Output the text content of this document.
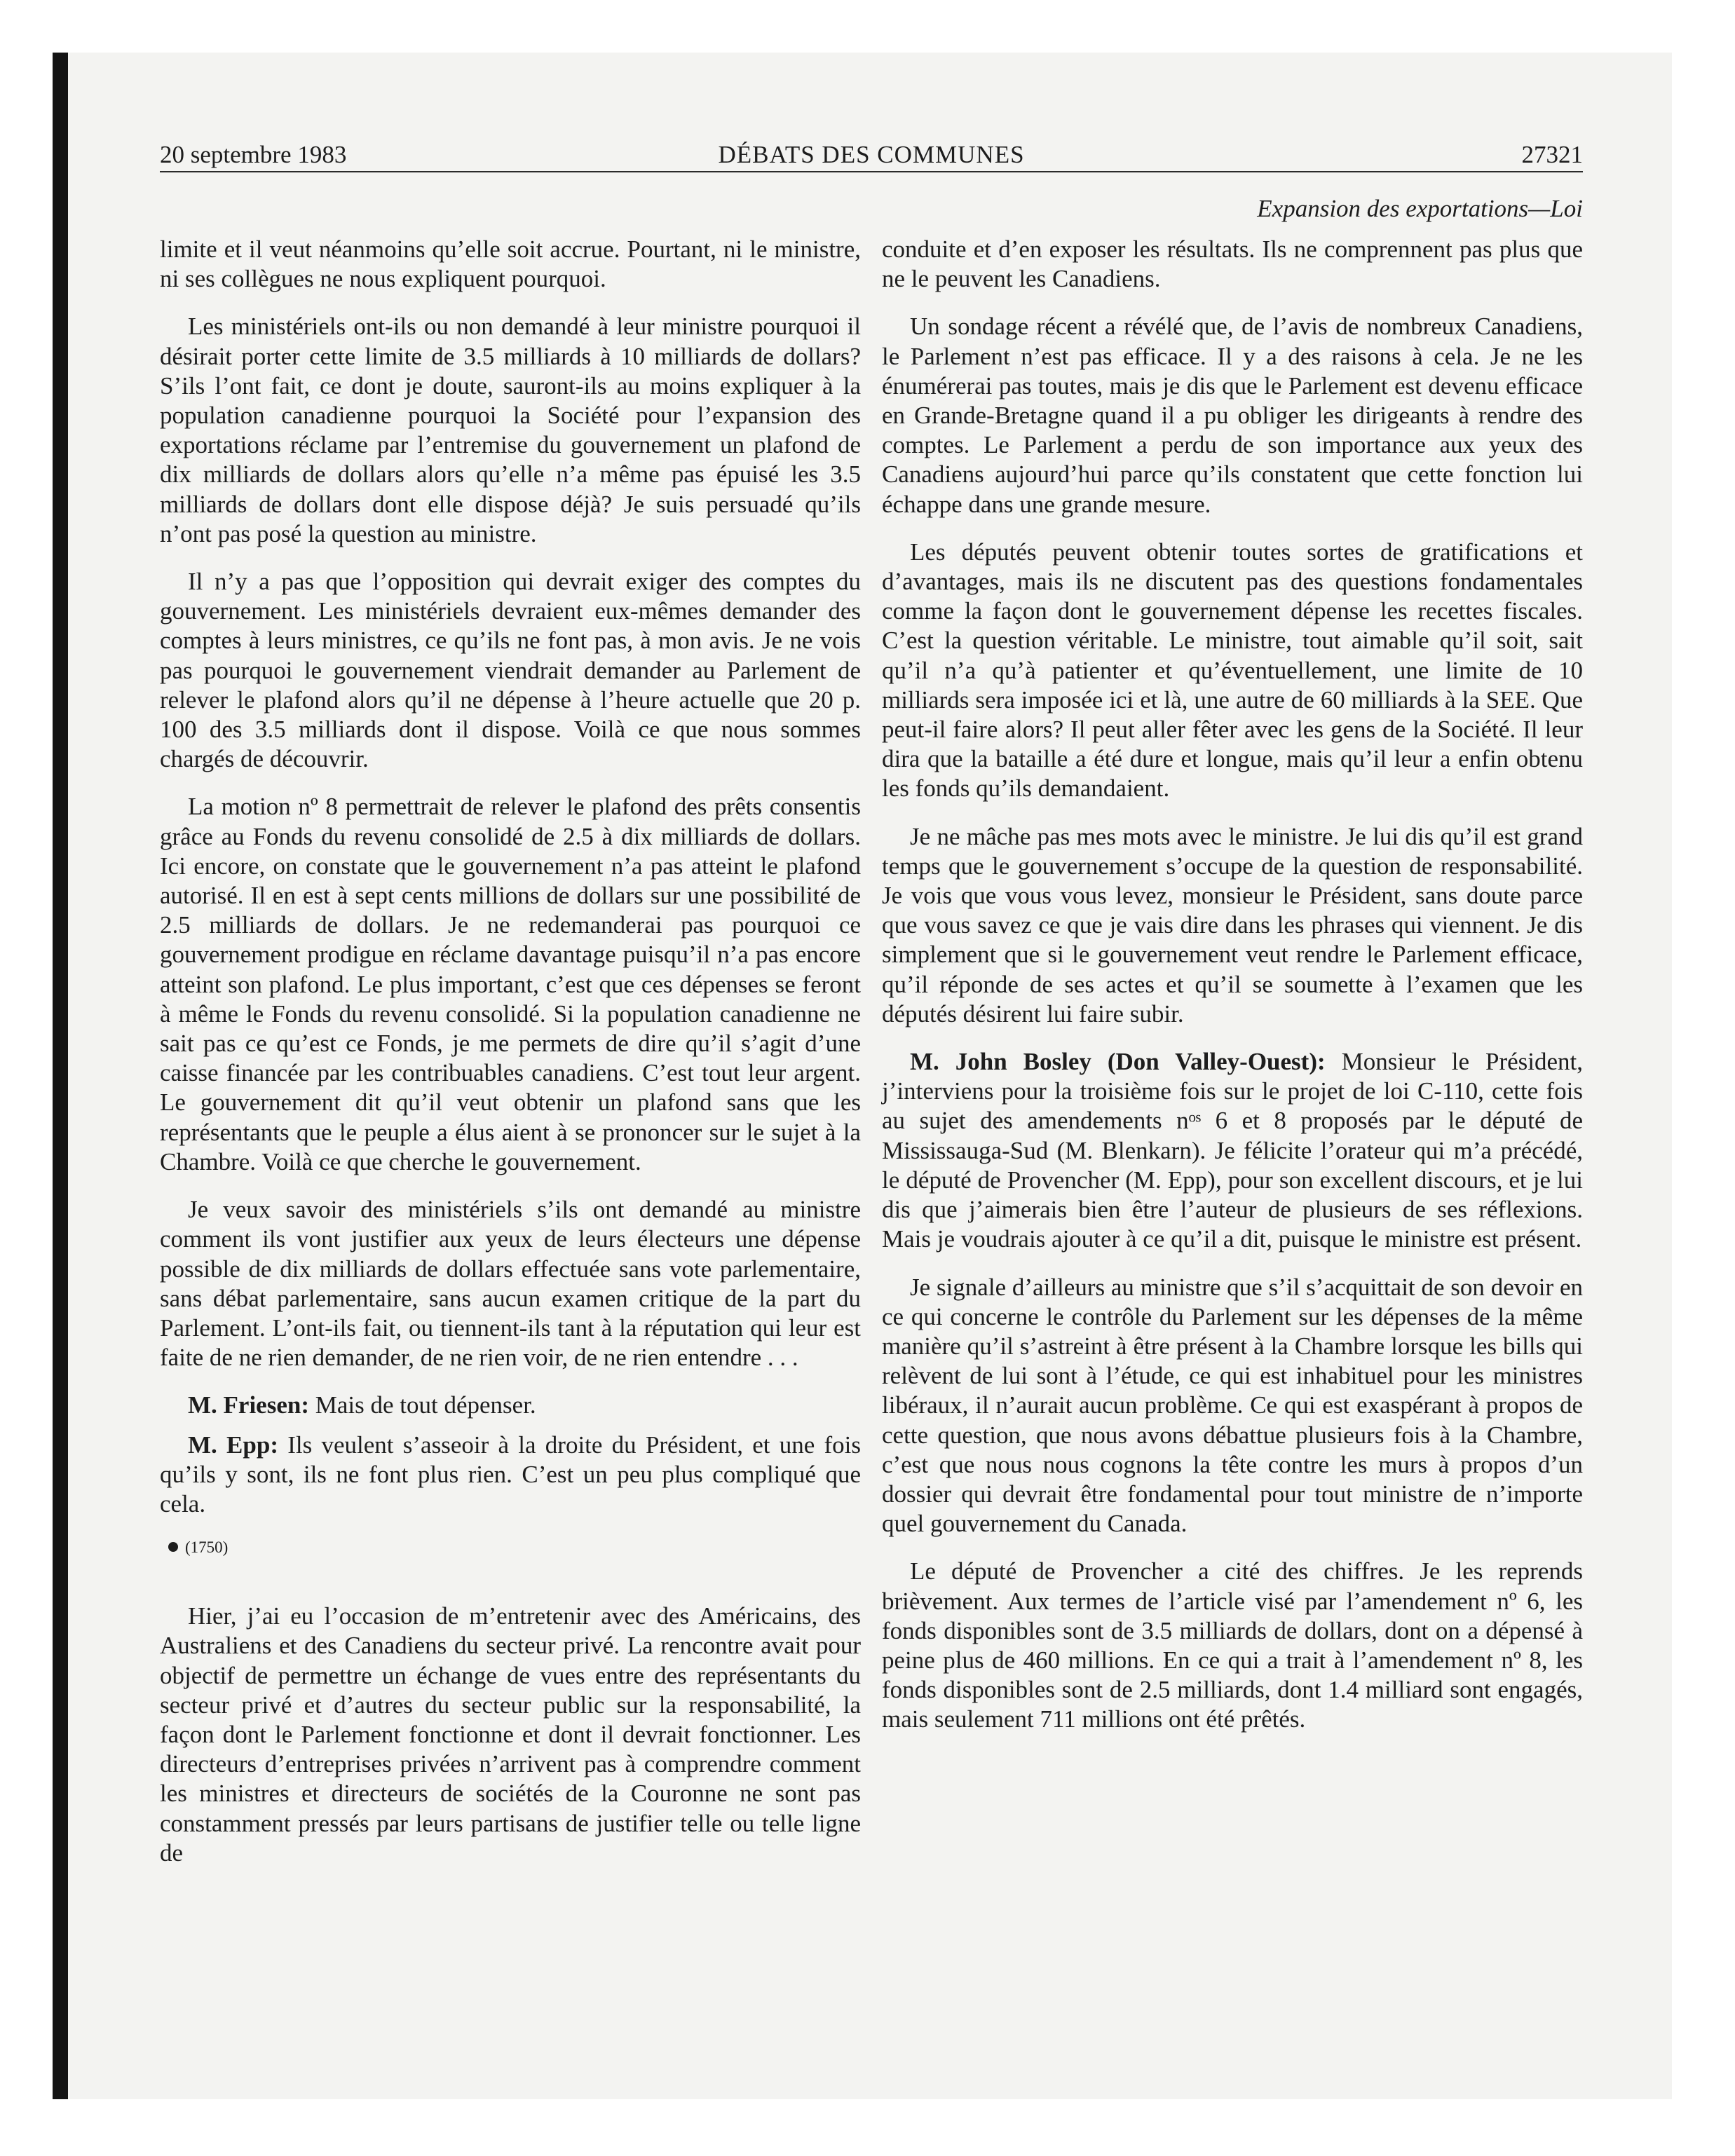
20 septembre 1983	DÉBATS DES COMMUNES	27321
Expansion des exportations—Loi

limite et il veut néanmoins qu’elle soit accrue. Pourtant, ni le ministre, ni ses collègues ne nous expliquent pourquoi.

Les ministériels ont-ils ou non demandé à leur ministre pourquoi il désirait porter cette limite de 3.5 milliards à 10 milliards de dollars? S’ils l’ont fait, ce dont je doute, sauront-ils au moins expliquer à la population canadienne pourquoi la Société pour l’expansion des exportations réclame par l’entremise du gouvernement un plafond de dix milliards de dollars alors qu’elle n’a même pas épuisé les 3.5 milliards de dollars dont elle dispose déjà? Je suis persuadé qu’ils n’ont pas posé la question au ministre.

Il n’y a pas que l’opposition qui devrait exiger des comptes du gouvernement. Les ministériels devraient eux-mêmes demander des comptes à leurs ministres, ce qu’ils ne font pas, à mon avis. Je ne vois pas pourquoi le gouvernement viendrait demander au Parlement de relever le plafond alors qu’il ne dépense à l’heure actuelle que 20 p. 100 des 3.5 milliards dont il dispose. Voilà ce que nous sommes chargés de découvrir.

La motion nº 8 permettrait de relever le plafond des prêts consentis grâce au Fonds du revenu consolidé de 2.5 à dix milliards de dollars. Ici encore, on constate que le gouvernement n’a pas atteint le plafond autorisé. Il en est à sept cents millions de dollars sur une possibilité de 2.5 milliards de dollars. Je ne redemanderai pas pourquoi ce gouvernement prodigue en réclame davantage puisqu’il n’a pas encore atteint son plafond. Le plus important, c’est que ces dépenses se feront à même le Fonds du revenu consolidé. Si la population canadienne ne sait pas ce qu’est ce Fonds, je me permets de dire qu’il s’agit d’une caisse financée par les contribuables canadiens. C’est tout leur argent. Le gouvernement dit qu’il veut obtenir un plafond sans que les représentants que le peuple a élus aient à se prononcer sur le sujet à la Chambre. Voilà ce que cherche le gouvernement.

Je veux savoir des ministériels s’ils ont demandé au ministre comment ils vont justifier aux yeux de leurs électeurs une dépense possible de dix milliards de dollars effectuée sans vote parlementaire, sans débat parlementaire, sans aucun examen critique de la part du Parlement. L’ont-ils fait, ou tiennent-ils tant à la réputation qui leur est faite de ne rien demander, de ne rien voir, de ne rien entendre . . .

M. Friesen: Mais de tout dépenser.

M. Epp: Ils veulent s’asseoir à la droite du Président, et une fois qu’ils y sont, ils ne font plus rien. C’est un peu plus compliqué que cela.

(1750)

Hier, j’ai eu l’occasion de m’entretenir avec des Américains, des Australiens et des Canadiens du secteur privé. La rencontre avait pour objectif de permettre un échange de vues entre des représentants du secteur privé et d’autres du secteur public sur la responsabilité, la façon dont le Parlement fonctionne et dont il devrait fonctionner. Les directeurs d’entreprises privées n’arrivent pas à comprendre comment les ministres et directeurs de sociétés de la Couronne ne sont pas constamment pressés par leurs partisans de justifier telle ou telle ligne de

conduite et d’en exposer les résultats. Ils ne comprennent pas plus que ne le peuvent les Canadiens.

Un sondage récent a révélé que, de l’avis de nombreux Canadiens, le Parlement n’est pas efficace. Il y a des raisons à cela. Je ne les énumérerai pas toutes, mais je dis que le Parlement est devenu efficace en Grande-Bretagne quand il a pu obliger les dirigeants à rendre des comptes. Le Parlement a perdu de son importance aux yeux des Canadiens aujourd’hui parce qu’ils constatent que cette fonction lui échappe dans une grande mesure.

Les députés peuvent obtenir toutes sortes de gratifications et d’avantages, mais ils ne discutent pas des questions fondamentales comme la façon dont le gouvernement dépense les recettes fiscales. C’est la question véritable. Le ministre, tout aimable qu’il soit, sait qu’il n’a qu’à patienter et qu’éventuellement, une limite de 10 milliards sera imposée ici et là, une autre de 60 milliards à la SEE. Que peut-il faire alors? Il peut aller fêter avec les gens de la Société. Il leur dira que la bataille a été dure et longue, mais qu’il leur a enfin obtenu les fonds qu’ils demandaient.

Je ne mâche pas mes mots avec le ministre. Je lui dis qu’il est grand temps que le gouvernement s’occupe de la question de responsabilité. Je vois que vous vous levez, monsieur le Président, sans doute parce que vous savez ce que je vais dire dans les phrases qui viennent. Je dis simplement que si le gouvernement veut rendre le Parlement efficace, qu’il réponde de ses actes et qu’il se soumette à l’examen que les députés désirent lui faire subir.

M. John Bosley (Don Valley-Ouest): Monsieur le Président, j’interviens pour la troisième fois sur le projet de loi C-110, cette fois au sujet des amendements nᵒˢ 6 et 8 proposés par le député de Mississauga-Sud (M. Blenkarn). Je félicite l’orateur qui m’a précédé, le député de Provencher (M. Epp), pour son excellent discours, et je lui dis que j’aimerais bien être l’auteur de plusieurs de ses réflexions. Mais je voudrais ajouter à ce qu’il a dit, puisque le ministre est présent.

Je signale d’ailleurs au ministre que s’il s’acquittait de son devoir en ce qui concerne le contrôle du Parlement sur les dépenses de la même manière qu’il s’astreint à être présent à la Chambre lorsque les bills qui relèvent de lui sont à l’étude, ce qui est inhabituel pour les ministres libéraux, il n’aurait aucun problème. Ce qui est exaspérant à propos de cette question, que nous avons débattue plusieurs fois à la Chambre, c’est que nous nous cognons la tête contre les murs à propos d’un dossier qui devrait être fondamental pour tout ministre de n’importe quel gouvernement du Canada.

Le député de Provencher a cité des chiffres. Je les reprends brièvement. Aux termes de l’article visé par l’amendement nº 6, les fonds disponibles sont de 3.5 milliards de dollars, dont on a dépensé à peine plus de 460 millions. En ce qui a trait à l’amendement nº 8, les fonds disponibles sont de 2.5 milliards, dont 1.4 milliard sont engagés, mais seulement 711 millions ont été prêtés.
